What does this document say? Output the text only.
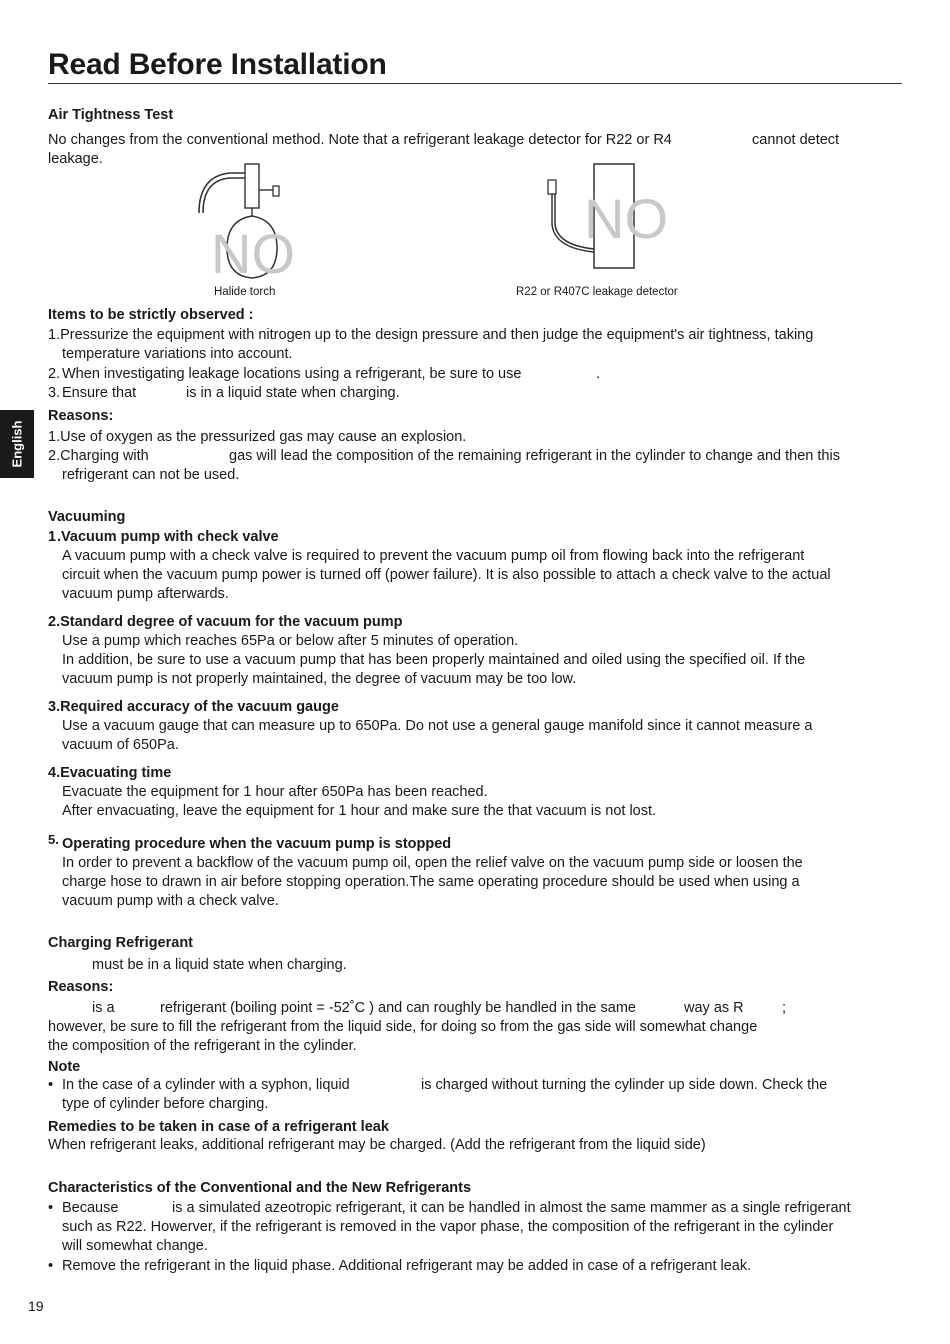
Read Before Installation
English
Air Tightness Test
No changes from the conventional method. Note that a refrigerant leakage detector for R22 or R4	cannot detect
leakage.
NO
Halide torch
NO
R22 or R407C leakage detector
Items to be strictly observed :
1.Pressurize the equipment with nitrogen up to the design pressure and then judge the equipment's air tightness, taking
temperature variations into account.
2. When investigating leakage locations using a refrigerant, be sure to use	.
3. Ensure that	is in a liquid state when charging.
Reasons:
1.Use of oxygen as the pressurized gas may cause an explosion.
2.Charging with	gas will lead the composition of the remaining refrigerant in the cylinder to change and then this
refrigerant can not be used.
Vacuuming
1 .Vacuum pump with check valve
A vacuum pump with a check valve is required to prevent the vacuum pump oil from flowing back into the refrigerant
circuit when the vacuum pump power is turned off (power failure). It is also possible to attach a check valve to the actual
vacuum pump afterwards.
2.Standard degree of vacuum for the vacuum pump
Use a pump which reaches 65Pa or below after 5 minutes of operation.
In addition, be sure to use a vacuum pump that has been properly maintained and oiled using the specified oil. If the
vacuum pump is not properly maintained, the degree of vacuum may be too low.
3.Required accuracy of the vacuum gauge
Use a vacuum gauge that can measure up to 650Pa. Do not use a general gauge manifold since it cannot measure a
vacuum of 650Pa.
4.Evacuating time
Evacuate the equipment for 1 hour after 650Pa has been reached.
After envacuating, leave the equipment for 1 hour and make sure the that vacuum is not lost.
5. Operating procedure when the vacuum pump is stopped
In order to prevent a backflow of the vacuum pump oil, open the relief valve on the vacuum pump side or loosen the
charge hose to drawn in air before stopping operation.The same operating procedure should be used when using a
vacuum pump with a check valve.
Charging Refrigerant
must be in a liquid state when charging.
Reasons:
is a	refrigerant (boiling point = -52˚C ) and can roughly be handled in the same	way as R	;
however, be sure to fill the refrigerant from the liquid side, for doing so from the gas side will somewhat change
the composition of the refrigerant in the cylinder.
Note
• In the case of a cylinder with a syphon, liquid	is charged without turning the cylinder up side down. Check the
type of cylinder before charging.
Remedies to be taken in case of a refrigerant leak
When refrigerant leaks, additional refrigerant may be charged. (Add the refrigerant from the liquid side)
Characteristics of the Conventional and the New Refrigerants
• Because	is a simulated azeotropic refrigerant, it can be handled in almost the same mammer as a single refrigerant
such as R22. Howerver, if the refrigerant is removed in the vapor phase, the composition of the refrigerant in the cylinder
will somewhat change.
• Remove the refrigerant in the liquid phase. Additional refrigerant may be added in case of a refrigerant leak.
19
